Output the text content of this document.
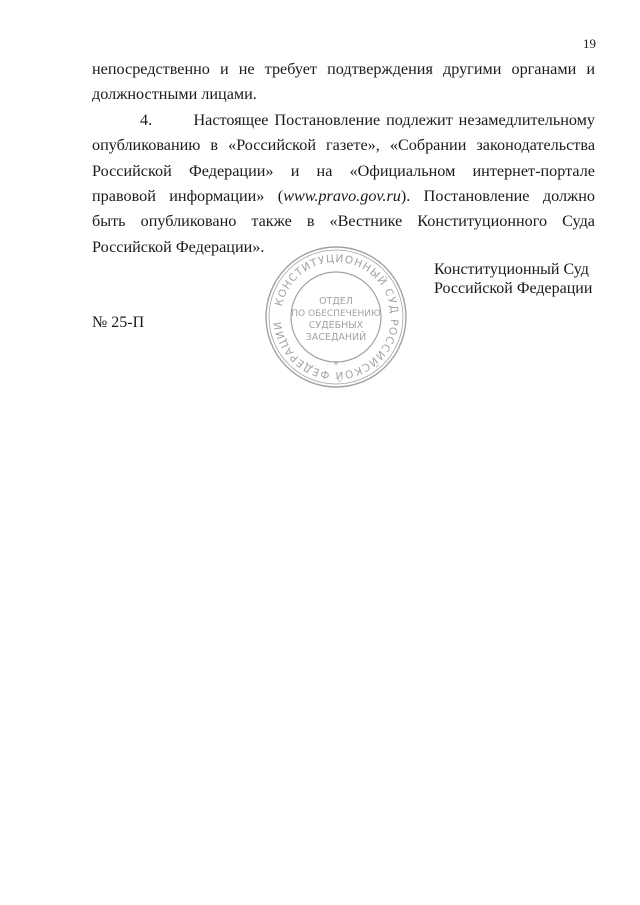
19

непосредственно и не требует подтверждения другими органами и должностными лицами.

4.	Настоящее Постановление подлежит незамедлительному опубликованию в «Российской газете», «Собрании законодательства Российской Федерации» и на «Официальном интернет-портале правовой информации» (www.pravo.gov.ru). Постановление должно быть опубликовано также в «Вестнике Конституционного Суда Российской Федерации».

КОНСТИТУЦИОННЫЙ СУД РОССИЙСКОЙ ФЕДЕРАЦИИ
ОТДЕЛ
ПО ОБЕСПЕЧЕНИЮ
СУДЕБНЫХ
ЗАСЕДАНИЙ
*
Конституционный Суд
Российской Федерации
№ 25-П
